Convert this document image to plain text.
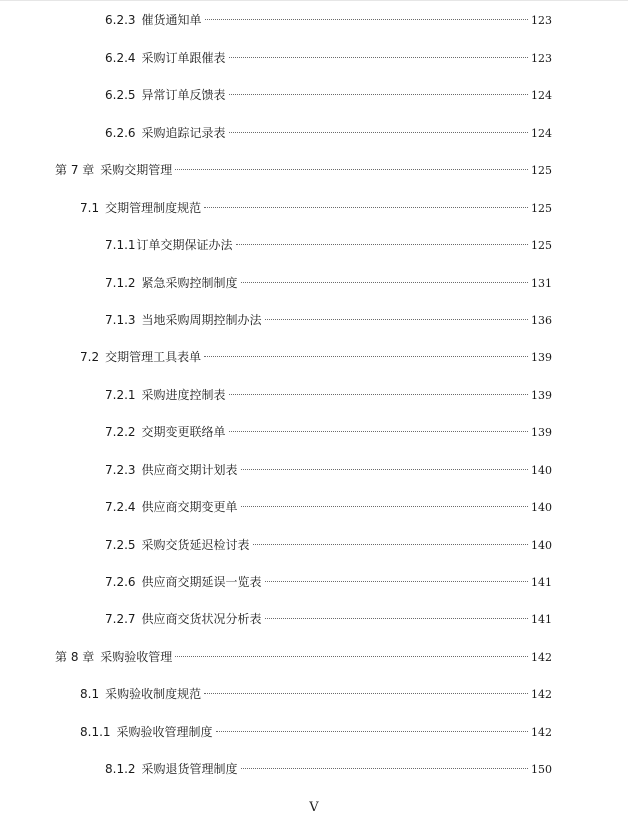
6.2.3 催货通知单	123
6.2.4 采购订单跟催表	123
6.2.5 异常订单反馈表	124
6.2.6 采购追踪记录表	124
第 7 章 采购交期管理	125
7.1 交期管理制度规范	125
7.1.1 订单交期保证办法	125
7.1.2 紧急采购控制制度	131
7.1.3 当地采购周期控制办法	136
7.2 交期管理工具表单	139
7.2.1 采购进度控制表	139
7.2.2 交期变更联络单	139
7.2.3 供应商交期计划表	140
7.2.4 供应商交期变更单	140
7.2.5 采购交货延迟检讨表	140
7.2.6 供应商交期延误一览表	141
7.2.7 供应商交货状况分析表	141
第 8 章 采购验收管理	142
8.1 采购验收制度规范	142
8.1.1 采购验收管理制度	142
8.1.2 采购退货管理制度	150
V
